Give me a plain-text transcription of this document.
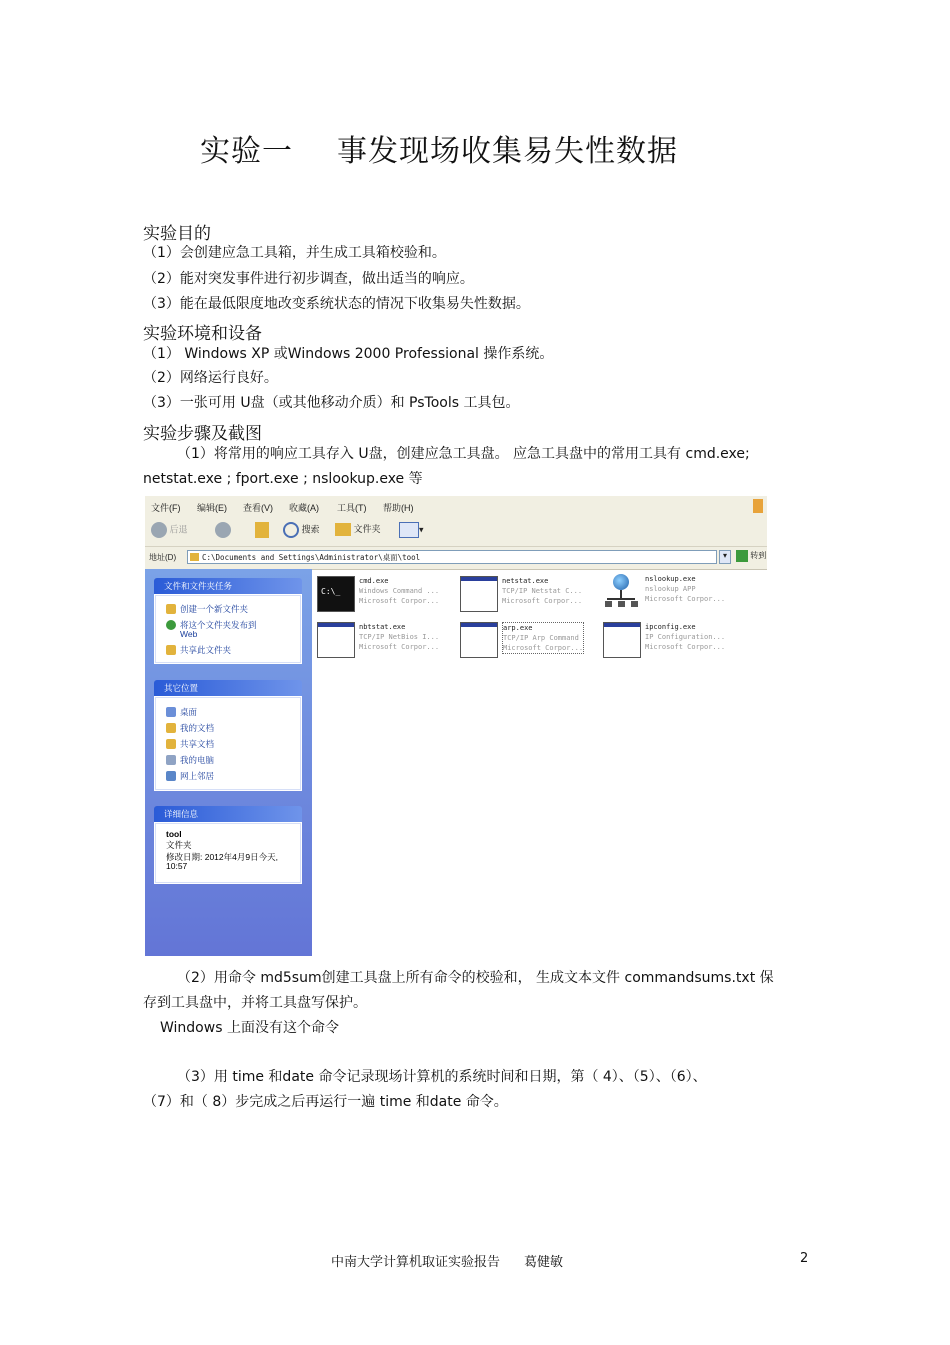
实验一 事发现场收集易失性数据
实验目的
（1）会创建应急工具箱，并生成工具箱校验和。
（2）能对突发事件进行初步调查，做出适当的响应。
（3）能在最低限度地改变系统状态的情况下收集易失性数据。
实验环境和设备
（1） Windows XP 或Windows 2000 Professional 操作系统。
（2）网络运行良好。
（3）一张可用 U盘（或其他移动介质）和 PsTools 工具包。
实验步骤及截图
（1）将常用的响应工具存入 U盘，创建应急工具盘。 应急工具盘中的常用工具有 cmd.exe;
netstat.exe ; fport.exe ; nslookup.exe 等
文件(F) 编辑(E) 查看(V) 收藏(A) 工具(T) 帮助(H)
后退	搜索	文件夹	▾
地址(D)	C:\Documents and Settings\Administrator\桌面\tool	▾	转到
文件和文件夹任务
创建一个新文件夹
将这个文件夹发布到
Web
共享此文件夹
其它位置
桌面
我的文档
共享文档
我的电脑
网上邻居
详细信息
tool
文件夹
修改日期: 2012年4月9日今天,
10:57
C:\_
cmd.exe
Windows Command ...
Microsoft Corpor...
netstat.exe
TCP/IP Netstat C...
Microsoft Corpor...
nslookup.exe
nslookup APP
Microsoft Corpor...
nbtstat.exe
TCP/IP NetBios I...
Microsoft Corpor...
arp.exe
TCP/IP Arp Command
Microsoft Corpor...
ipconfig.exe
IP Configuration...
Microsoft Corpor...
（2）用命令 md5sum创建工具盘上所有命令的校验和， 生成文本文件 commandsums.txt 保
存到工具盘中，并将工具盘写保护。
Windows 上面没有这个命令
（3）用 time 和date 命令记录现场计算机的系统时间和日期，第（ 4）、（5）、（6）、
（7）和（ 8）步完成之后再运行一遍 time 和date 命令。
中南大学计算机取证实验报告 葛健敏	2
